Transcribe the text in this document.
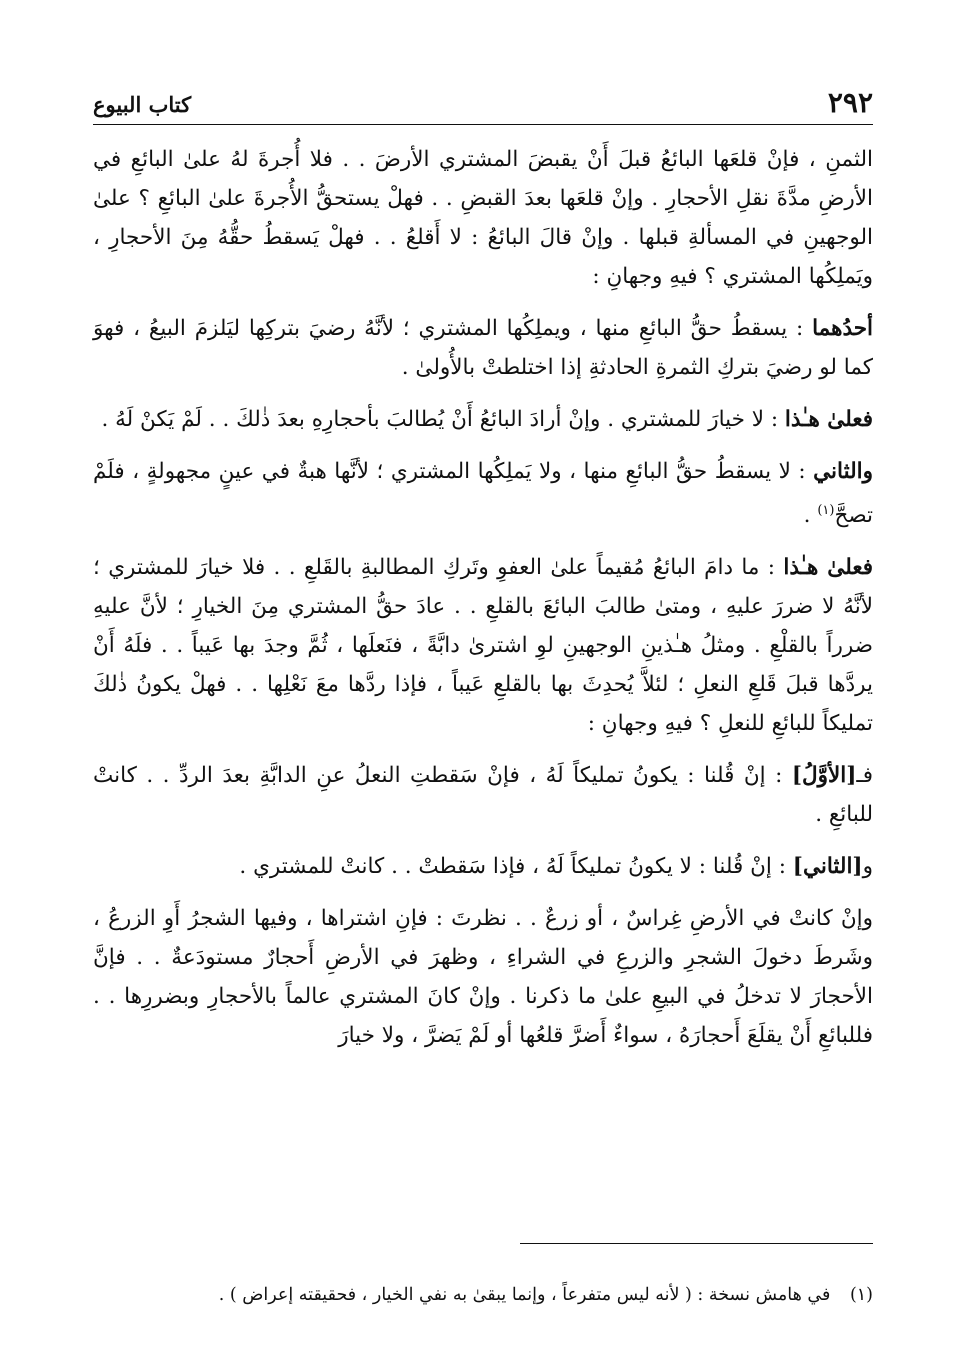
٢٩٢
كتاب البيوع

الثمنِ ، فإنْ قلعَها البائعُ قبلَ أَنْ يقبضَ المشتري الأرضَ . . فلا أُجرةَ لهُ علىٰ البائعِ في الأرضِ مدَّةَ نقلِ الأحجارِ . وإنْ قلعَها بعدَ القبضِ . . فهلْ يستحقُّ الأُجرةَ علىٰ البائعِ ؟ علىٰ الوجهينِ في المسألةِ قبلها . وإنْ قالَ البائعُ : لا أَقلعُ . . فهلْ يَسقطُ حقُّهُ مِنَ الأحجارِ ، ويَملِكُها المشتري ؟ فيهِ وجهانِ :

أحدُهما : يسقطُ حقُّ البائعِ منها ، ويملِكُها المشتري ؛ لأنَّهُ رضيَ بتركِها ليَلزمَ البيعُ ، فهوَ كما لو رضيَ بتركِ الثمرةِ الحادثةِ إذا اختلطتْ بالأُولىٰ .

فعلىٰ هـٰذا : لا خيارَ للمشتري . وإنْ أرادَ البائعُ أَنْ يُطالبَ بأحجارِهِ بعدَ ذٰلكَ . . لَمْ يَكنْ لَهُ .

والثاني : لا يسقطُ حقُّ البائعِ منها ، ولا يَملِكُها المشتري ؛ لأنَّها هبةٌ في عينٍ مجهولةٍ ، فلَمْ تصحَّ$^{(١)}$ .

فعلىٰ هـٰذا : ما دامَ البائعُ مُقيماً علىٰ العفوِ وتَركِ المطالبةِ بالقَلعِ . . فلا خيارَ للمشتري ؛ لأنَّهُ لا ضررَ عليهِ ، ومتىٰ طالبَ البائعَ بالقلعِ . . عادَ حقُّ المشتري مِنَ الخيارِ ؛ لأنَّ عليهِ ضرراً بالقلْعِ . ومثلُ هـٰذينِ الوجهينِ لوِ اشترىٰ دابَّةً ، فنَعلَها ، ثُمَّ وجدَ بها عَيباً . . فلَهُ أَنْ يردَّها قبلَ قَلعِ النعلِ ؛ لئلاَّ يُحدِثَ بها بالقلعِ عَيباً ، فإذا ردَّها معَ نَعْلِها . . فهلْ يكونُ ذٰلكَ تمليكاً للبائعِ للنعلِ ؟ فيهِ وجهانِ :

فـ[الأوَّلُ] : إنْ قُلنا : يكونُ تمليكاً لَهُ ، فإنْ سَقطتِ النعلُ عنِ الدابَّةِ بعدَ الردِّ . . كانتْ للبائعِ .

و[الثاني] : إنْ قُلنا : لا يكونُ تمليكاً لَهُ ، فإذا سَقطتْ . . كانتْ للمشتري .

وإنْ كانتْ في الأرضِ غِراسٌ ، أو زرعٌ . . نظرتَ : فإنِ اشتراها ، وفيها الشجرُ أَوِ الزرعُ ، وشَرطَ دخولَ الشجرِ والزرعِ في الشراءِ ، وظهرَ في الأرضِ أَحجارٌ مستودَعةٌ . . فإنَّ الأحجارَ لا تدخلُ في البيعِ علىٰ ما ذكرنا . وإنْ كانَ المشتري عالماً بالأحجارِ وبضررِها . . فللبائعِ أَنْ يقلَعَ أَحجارَهُ ، سواءٌ أَضرَّ قلعُها أو لَمْ يَضرَّ ، ولا خيارَ

(١) في هامش نسخة : ( لأنه ليس متفرعاً ، وإنما يبقىٰ به نفي الخيار ، فحقيقته إعراض ) .
